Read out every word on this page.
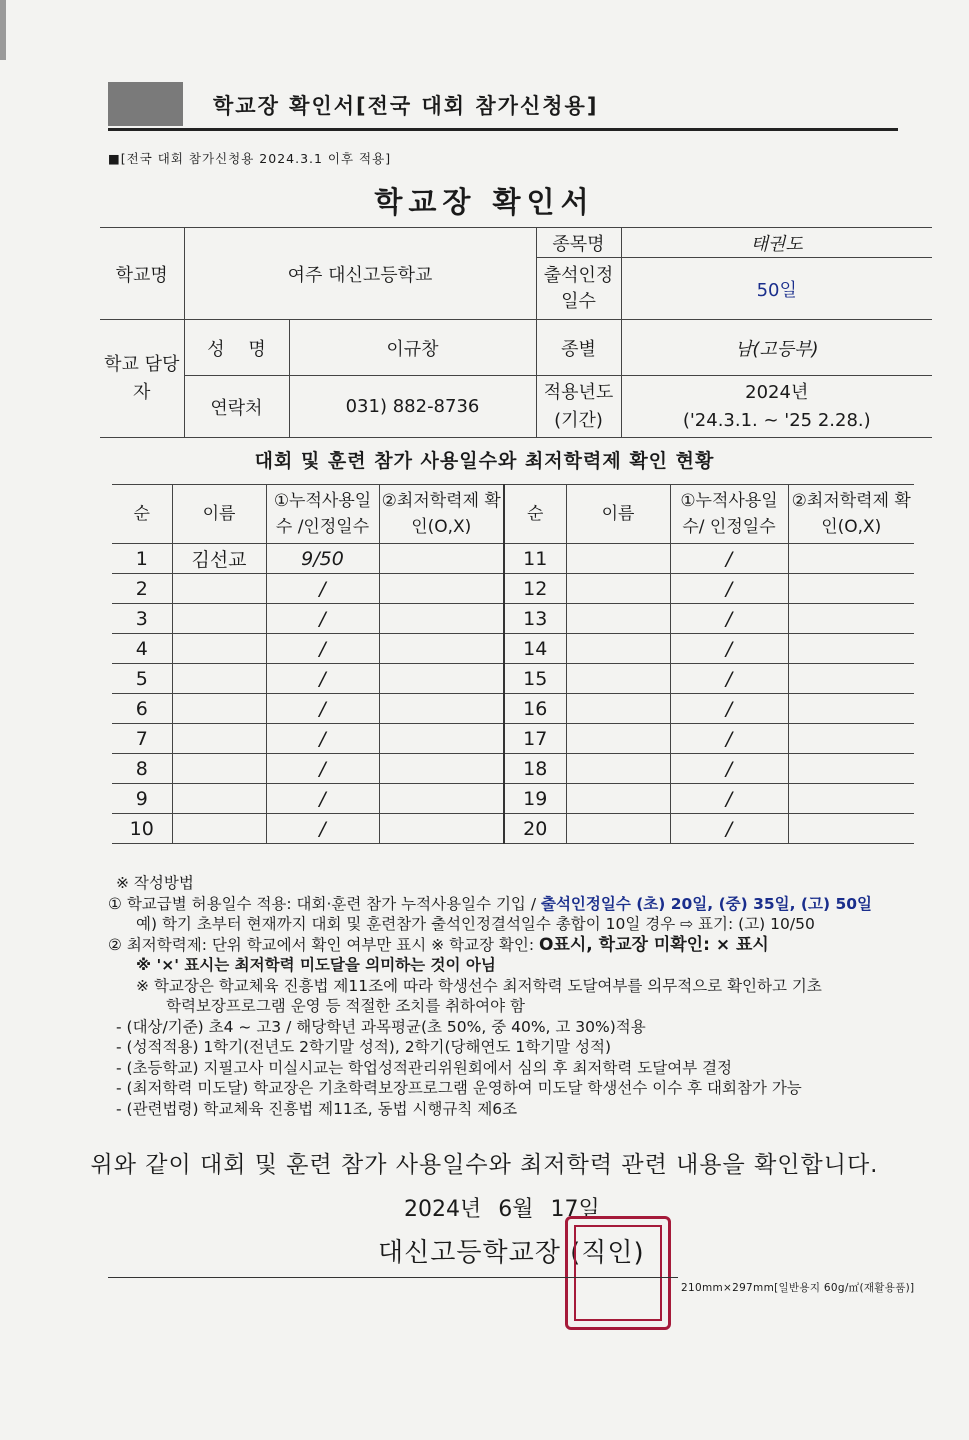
학교장 확인서[전국 대회 참가신청용]
■[전국 대회 참가신청용 2024.3.1 이후 적용]
학교장 확인서
학교명	여주 대신고등학교		종목명	태권도
			출석인정 일수	50일
학교 담당자	성 명	이규창	종별	남(고등부)
	연락처	031) 882-8736	적용년도 (기간)	2024년
('24.3.1. ~ '25 2.28.)
대회 및 훈련 참가 사용일수와 최저학력제 확인 현황
순	이름	①누적사용일수 /인정일수	②최저학력제 확인(O,X)	순	이름	①누적사용일수/ 인정일수	②최저학력제 확인(O,X)
1	김선교	9/50		11		/	
2		/		12		/	
3		/		13		/	
4		/		14		/	
5		/		15		/	
6		/		16		/	
7		/		17		/	
8		/		18		/	
9		/		19		/	
10		/		20		/	
※ 작성방법
① 학교급별 허용일수 적용: 대회·훈련 참가 누적사용일수 기입 / 출석인정일수 (초) 20일, (중) 35일, (고) 50일
예) 학기 초부터 현재까지 대회 및 훈련참가 출석인정결석일수 총합이 10일 경우 ⇨ 표기: (고) 10/50
② 최저학력제: 단위 학교에서 확인 여부만 표시 ※ 학교장 확인: O표시, 학교장 미확인: × 표시
※ '×' 표시는 최저학력 미도달을 의미하는 것이 아님
※ 학교장은 학교체육 진흥법 제11조에 따라 학생선수 최저학력 도달여부를 의무적으로 확인하고 기초
학력보장프로그램 운영 등 적절한 조치를 취하여야 함
- (대상/기준) 초4 ~ 고3 / 해당학년 과목평균(초 50%, 중 40%, 고 30%)적용
- (성적적용) 1학기(전년도 2학기말 성적), 2학기(당해연도 1학기말 성적)
- (초등학교) 지필고사 미실시교는 학업성적관리위원회에서 심의 후 최저학력 도달여부 결정
- (최저학력 미도달) 학교장은 기초학력보장프로그램 운영하여 미도달 학생선수 이수 후 대회참가 가능
- (관련법령) 학교체육 진흥법 제11조, 동법 시행규칙 제6조
위와 같이 대회 및 훈련 참가 사용일수와 최저학력 관련 내용을 확인합니다.
2024년 6월 17일
대신고등학교장 (직인)
210mm×297mm[일반용지 60g/㎡(재활용품)]
